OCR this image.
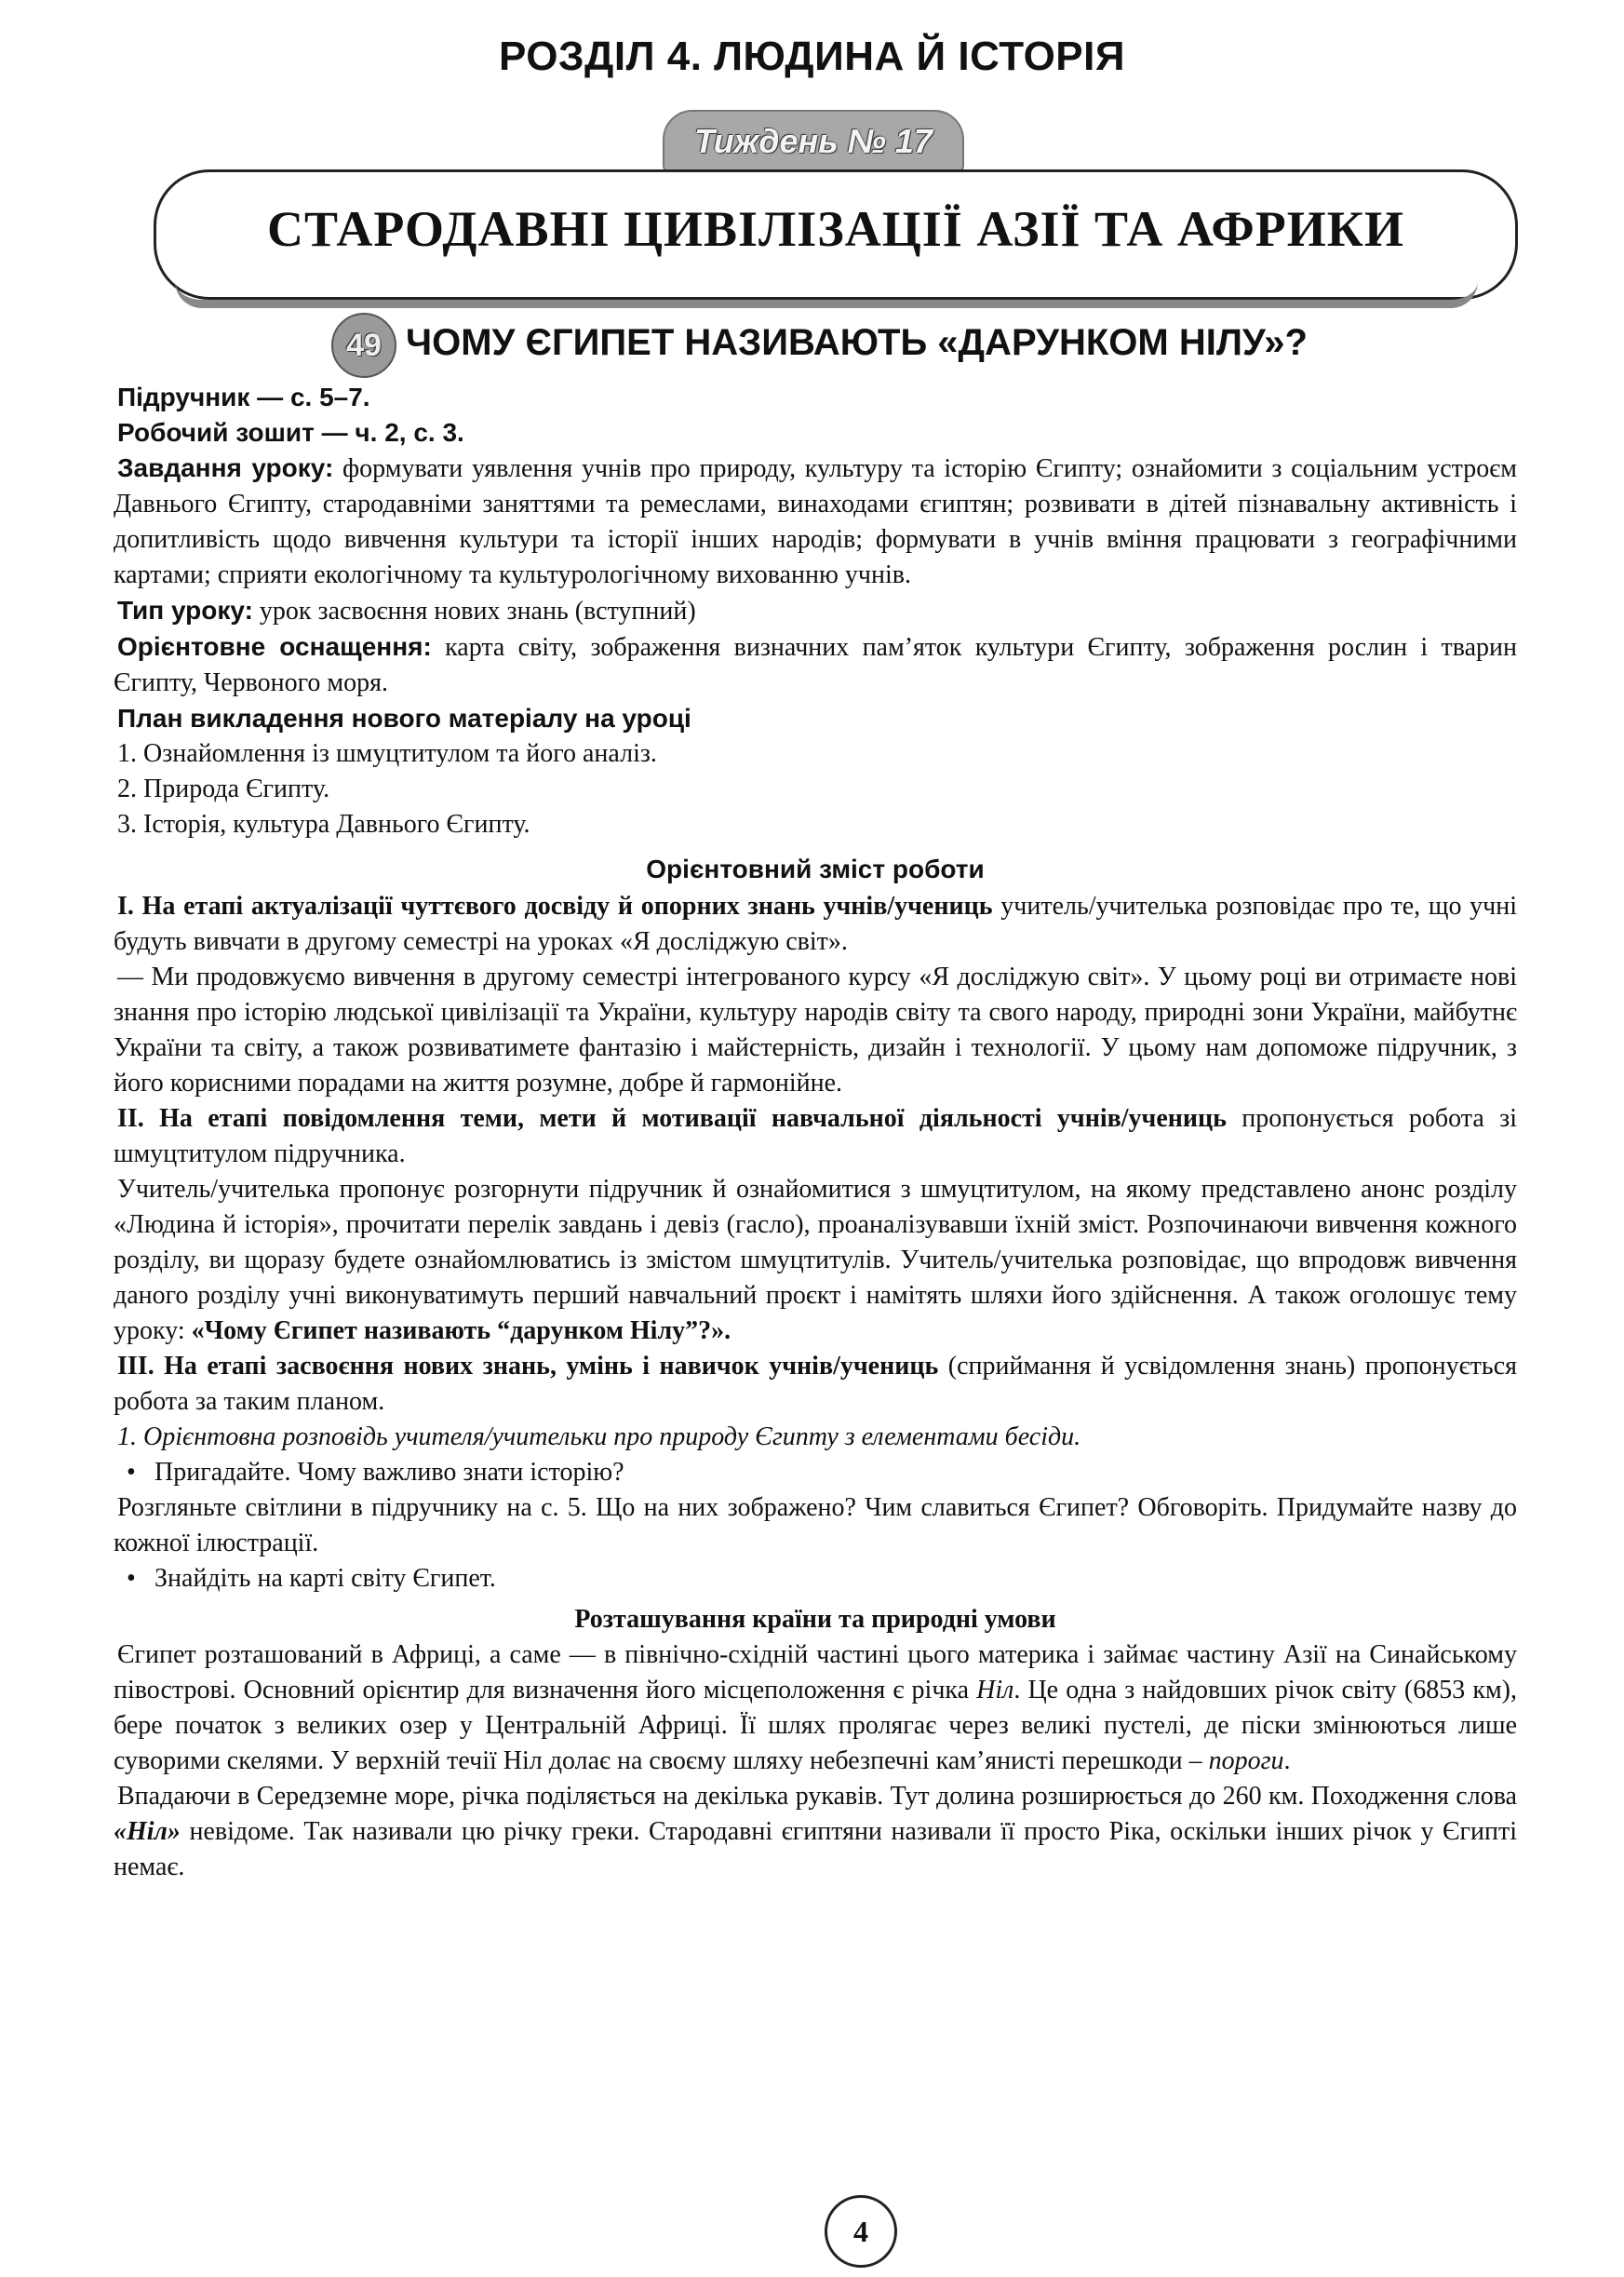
РОЗДІЛ 4. ЛЮДИНА Й ІСТОРІЯ
Тиждень № 17
СТАРОДАВНІ ЦИВІЛІЗАЦІЇ АЗІЇ ТА АФРИКИ
49 ЧОМУ ЄГИПЕТ НАЗИВАЮТЬ «ДАРУНКОМ НІЛУ»?

Підручник — с. 5–7.

Робочий зошит — ч. 2, с. 3.

Завдання уроку: формувати уявлення учнів про природу, культуру та історію Єгипту; ознайомити з соціальним устроєм Давнього Єгипту, стародавніми заняттями та ремеслами, винаходами єгиптян; розвивати в дітей пізнавальну активність і допитливість щодо вивчення культури та історії інших народів; формувати в учнів вміння працювати з географічними картами; сприяти екологічному та культурологічному вихованню учнів.

Тип уроку: урок засвоєння нових знань (вступний)

Орієнтовне оснащення: карта світу, зображення визначних пам’яток культури Єгипту, зображення рослин і тварин Єгипту, Червоного моря.

План викладення нового матеріалу на уроці

1. Ознайомлення із шмуцтитулом та його аналіз.

2. Природа Єгипту.

3. Історія, культура Давнього Єгипту.

Орієнтовний зміст роботи

I. На етапі актуалізації чуттєвого досвіду й опорних знань учнів/учениць учитель/учителька розповідає про те, що учні будуть вивчати в другому семестрі на уроках «Я досліджую світ».

— Ми продовжуємо вивчення в другому семестрі інтегрованого курсу «Я досліджую світ». У цьому році ви отримаєте нові знання про історію людської цивілізації та України, культуру народів світу та свого народу, природні зони України, майбутнє України та світу, а також розвиватимете фантазію і майстерність, дизайн і технології. У цьому нам допоможе підручник, з його корисними порадами на життя розумне, добре й гармонійне.

II. На етапі повідомлення теми, мети й мотивації навчальної діяльності учнів/учениць пропонується робота зі шмуцтитулом підручника.

Учитель/учителька пропонує розгорнути підручник й ознайомитися з шмуцтитулом, на якому представлено анонс розділу «Людина й історія», прочитати перелік завдань і девіз (гасло), проаналізувавши їхній зміст. Розпочинаючи вивчення кожного розділу, ви щоразу будете ознайомлюватись із змістом шмуцтитулів. Учитель/учителька розповідає, що впродовж вивчення даного розділу учні виконуватимуть перший навчальний проєкт і намітять шляхи його здійснення. А також оголошує тему уроку: «Чому Єгипет називають “дарунком Нілу”?».

III. На етапі засвоєння нових знань, умінь і навичок учнів/учениць (сприймання й усвідомлення знань) пропонується робота за таким планом.

1. Орієнтовна розповідь учителя/учительки про природу Єгипту з елементами бесіди.

• Пригадайте. Чому важливо знати історію?

Розгляньте світлини в підручнику на с. 5. Що на них зображено? Чим славиться Єгипет? Обговоріть. Придумайте назву до кожної ілюстрації.

• Знайдіть на карті світу Єгипет.

Розташування країни та природні умови

Єгипет розташований в Африці, а саме — в північно-східній частині цього материка і займає частину Азії на Синайському півострові. Основний орієнтир для визначення його місцеположення є річка Ніл. Це одна з найдовших річок світу (6853 км), бере початок з великих озер у Центральній Африці. Її шлях пролягає через великі пустелі, де піски змінюються лише суворими скелями. У верхній течії Ніл долає на своєму шляху небезпечні кам’янисті перешкоди – пороги.

Впадаючи в Середземне море, річка поділяється на декілька рукавів. Тут долина розширюється до 260 км. Походження слова «Ніл» невідоме. Так називали цю річку греки. Стародавні єгиптяни називали її просто Ріка, оскільки інших річок у Єгипті немає.

4
